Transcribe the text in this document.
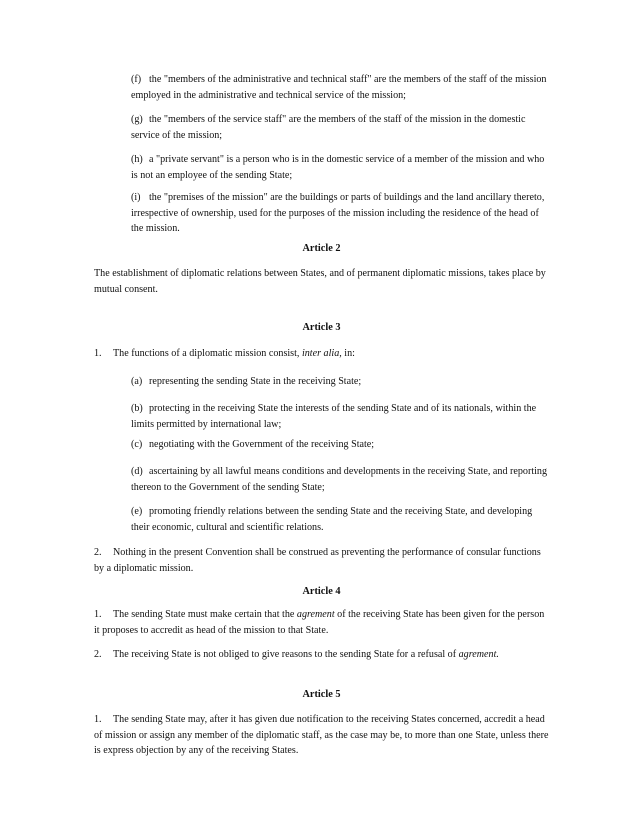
(f) the "members of the administrative and technical staff" are the members of the staff of the mission employed in the administrative and technical service of the mission;

(g) the "members of the service staff" are the members of the staff of the mission in the domestic service of the mission;

(h) a "private servant" is a person who is in the domestic service of a member of the mission and who is not an employee of the sending State;

(i) the "premises of the mission" are the buildings or parts of buildings and the land ancillary thereto, irrespective of ownership, used for the purposes of the mission including the residence of the head of the mission.

Article 2

The establishment of diplomatic relations between States, and of permanent diplomatic missions, takes place by mutual consent.

Article 3

1. The functions of a diplomatic mission consist, inter alia, in:

(a) representing the sending State in the receiving State;

(b) protecting in the receiving State the interests of the sending State and of its nationals, within the limits permitted by international law;

(c) negotiating with the Government of the receiving State;

(d) ascertaining by all lawful means conditions and developments in the receiving State, and reporting thereon to the Government of the sending State;

(e) promoting friendly relations between the sending State and the receiving State, and developing their economic, cultural and scientific relations.

2. Nothing in the present Convention shall be construed as preventing the performance of consular functions by a diplomatic mission.

Article 4

1. The sending State must make certain that the agrement of the receiving State has been given for the person it proposes to accredit as head of the mission to that State.

2. The receiving State is not obliged to give reasons to the sending State for a refusal of agrement.

Article 5

1. The sending State may, after it has given due notification to the receiving States concerned, accredit a head of mission or assign any member of the diplomatic staff, as the case may be, to more than one State, unless there is express objection by any of the receiving States.
